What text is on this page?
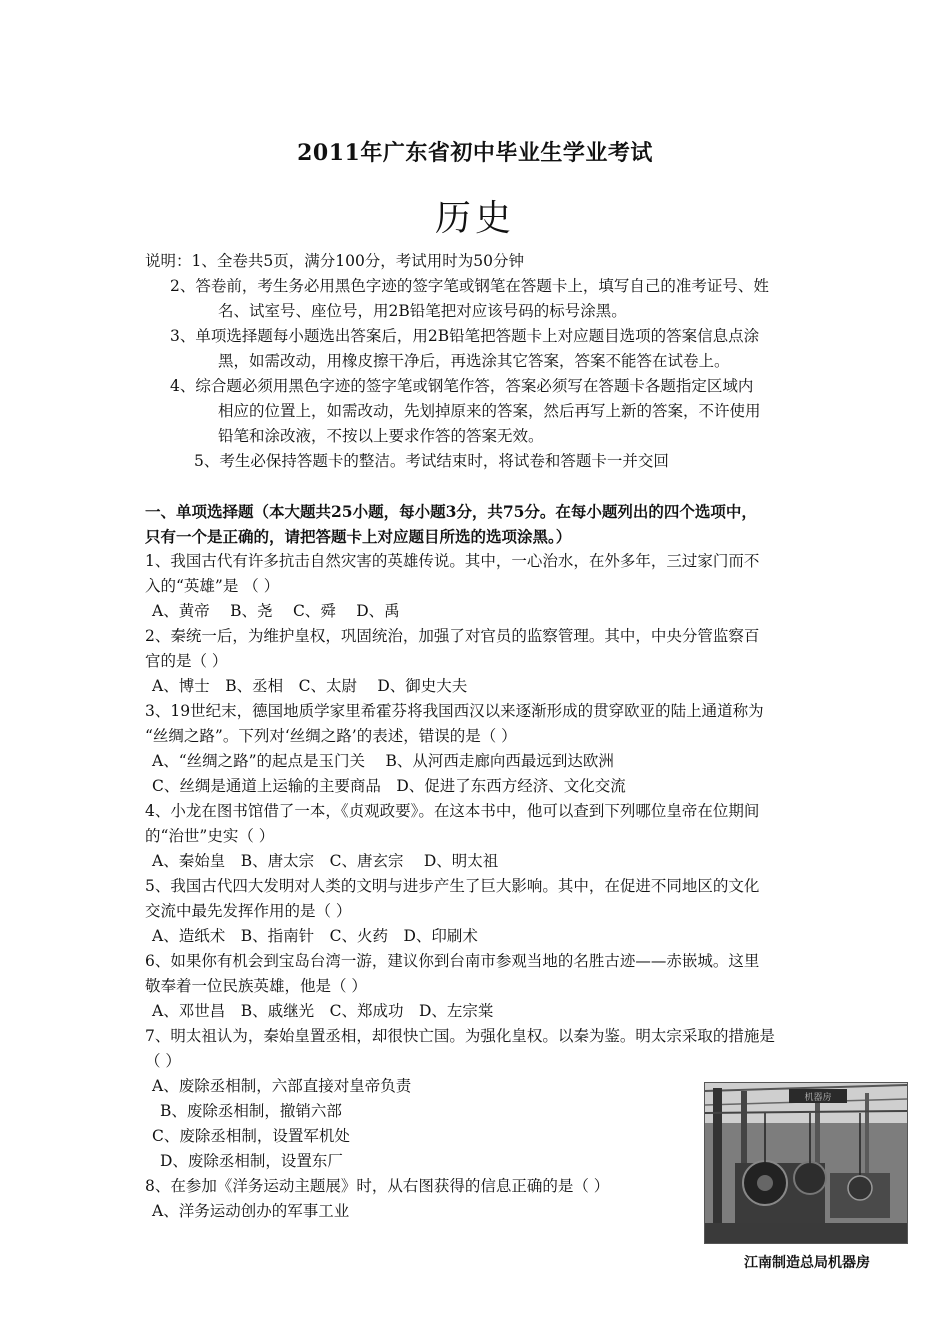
2011年广东省初中毕业生学业考试
历史
说明：1、全卷共5页，满分100分，考试用时为50分钟
2、答卷前，考生务必用黑色字迹的签字笔或钢笔在答题卡上，填写自己的准考证号、姓
名、试室号、座位号，用2B铅笔把对应该号码的标号涂黑。
3、单项选择题每小题选出答案后，用2B铅笔把答题卡上对应题目选项的答案信息点涂
黑，如需改动，用橡皮擦干净后，再选涂其它答案，答案不能答在试卷上。
4、综合题必须用黑色字迹的签字笔或钢笔作答，答案必须写在答题卡各题指定区域内
相应的位置上，如需改动，先划掉原来的答案，然后再写上新的答案，不许使用
铅笔和涂改液，不按以上要求作答的答案无效。
5、考生必保持答题卡的整洁。考试结束时，将试卷和答题卡一并交回
一、单项选择题（本大题共25小题，每小题3分，共75分。在每小题列出的四个选项中，
只有一个是正确的，请把答题卡上对应题目所选的选项涂黑。）
1、我国古代有许多抗击自然灾害的英雄传说。其中，一心治水，在外多年，三过家门而不
入的“英雄”是 （ ）
A、黄帝　 B、尧　 C、舜　 D、禹
2、秦统一后，为维护皇权，巩固统治，加强了对官员的监察管理。其中，中央分管监察百
官的是（ ）
A、博士　B、丞相　C、太尉　 D、御史大夫
3、19世纪末，德国地质学家里希霍芬将我国西汉以来逐渐形成的贯穿欧亚的陆上通道称为
“丝绸之路”。下列对‘丝绸之路’的表述，错误的是（ ）
A、“丝绸之路”的起点是玉门关　 B、从河西走廊向西最远到达欧洲
C、丝绸是通道上运输的主要商品　D、促进了东西方经济、文化交流
4、小龙在图书馆借了一本，《贞观政要》。在这本书中，他可以查到下列哪位皇帝在位期间
的“治世”史实（ ）
A、秦始皇　B、唐太宗　C、唐玄宗　 D、明太祖
5、我国古代四大发明对人类的文明与进步产生了巨大影响。其中，在促进不同地区的文化
交流中最先发挥作用的是（ ）
A、造纸术　B、指南针　C、火药　D、印刷术
6、如果你有机会到宝岛台湾一游，建议你到台南市参观当地的名胜古迹——赤嵌城。这里
敬奉着一位民族英雄，他是（ ）
A、邓世昌　B、戚继光　C、郑成功　D、左宗棠
7、明太祖认为，秦始皇置丞相，却很快亡国。为强化皇权。以秦为鉴。明太宗采取的措施是
（ ）
A、废除丞相制，六部直接对皇帝负责
B、废除丞相制，撤销六部
C、废除丞相制，设置军机处
D、废除丞相制，设置东厂
8、在参加《洋务运动主题展》时，从右图获得的信息正确的是（ ）
A、洋务运动创办的军事工业
机器房
江南制造总局机器房
